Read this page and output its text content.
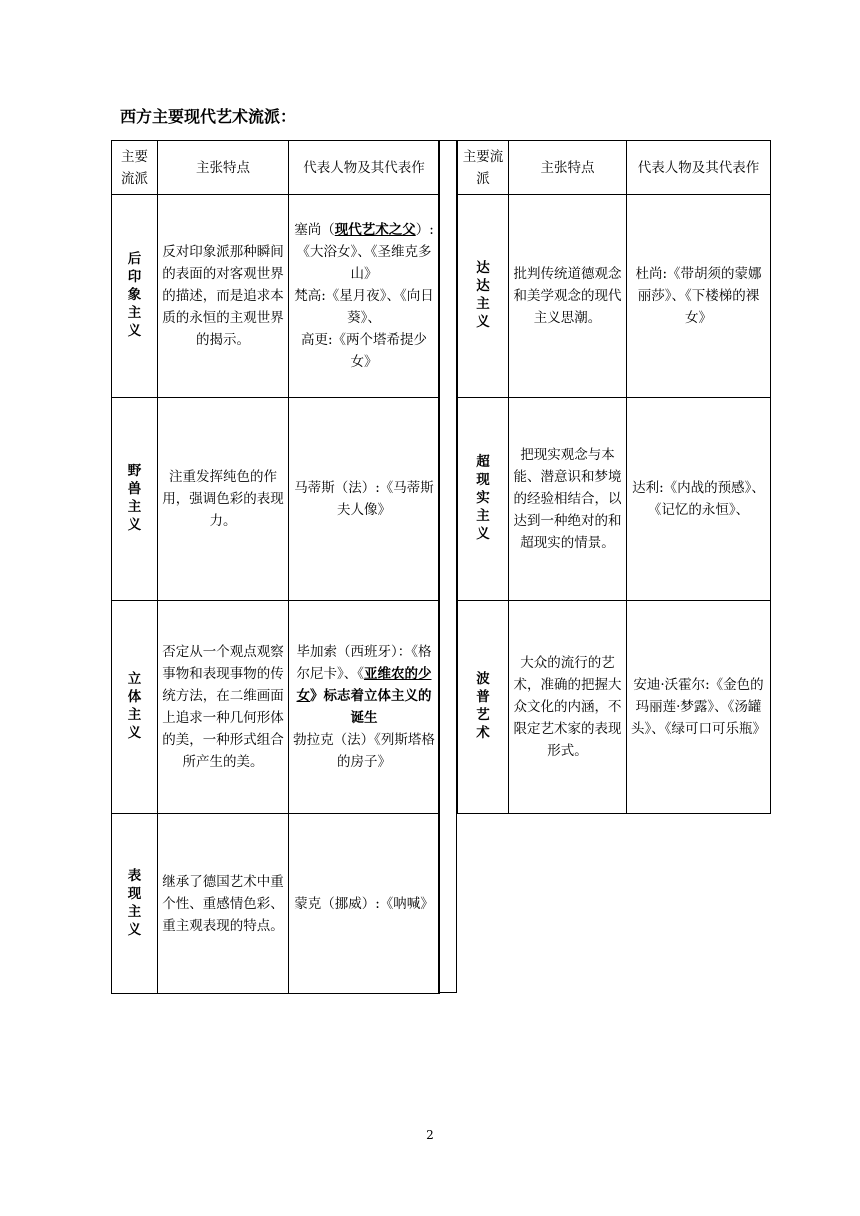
西方主要现代艺术流派：
主要流派	主张特点	代表人物及其代表作
后印象主义	反对印象派那种瞬间的表面的对客观世界的描述，而是追求本质的永恒的主观世界的揭示。	塞尚（现代艺术之父）:《大浴女》、《圣维克多山》
梵高:《星月夜》、《向日葵》、
高更:《两个塔希提少女》
野兽主义	注重发挥纯色的作用，强调色彩的表现力。	马蒂斯（法）:《马蒂斯夫人像》
立体主义	否定从一个观点观察事物和表现事物的传统方法，在二维画面上追求一种几何形体的美，一种形式组合所产生的美。	毕加索（西班牙）：《格尔尼卡》、《亚维农的少女》标志着立体主义的诞生
勃拉克（法）《列斯塔格的房子》
表现主义	继承了德国艺术中重个性、重感情色彩、重主观表现的特点。	蒙克（挪威）:《呐喊》
主要流派	主张特点	代表人物及其代表作
达达主义	批判传统道德观念和美学观念的现代主义思潮。	杜尚:《带胡须的蒙娜丽莎》、《下楼梯的裸女》
超现实主义	把现实观念与本能、潜意识和梦境的经验相结合，以达到一种绝对的和超现实的情景。	达利:《内战的预感》、《记忆的永恒》、
波普艺术	大众的流行的艺术，准确的把握大众文化的内涵，不限定艺术家的表现形式。	安迪·沃霍尔:《金色的玛丽莲·梦露》、《汤罐头》、《绿可口可乐瓶》
2
